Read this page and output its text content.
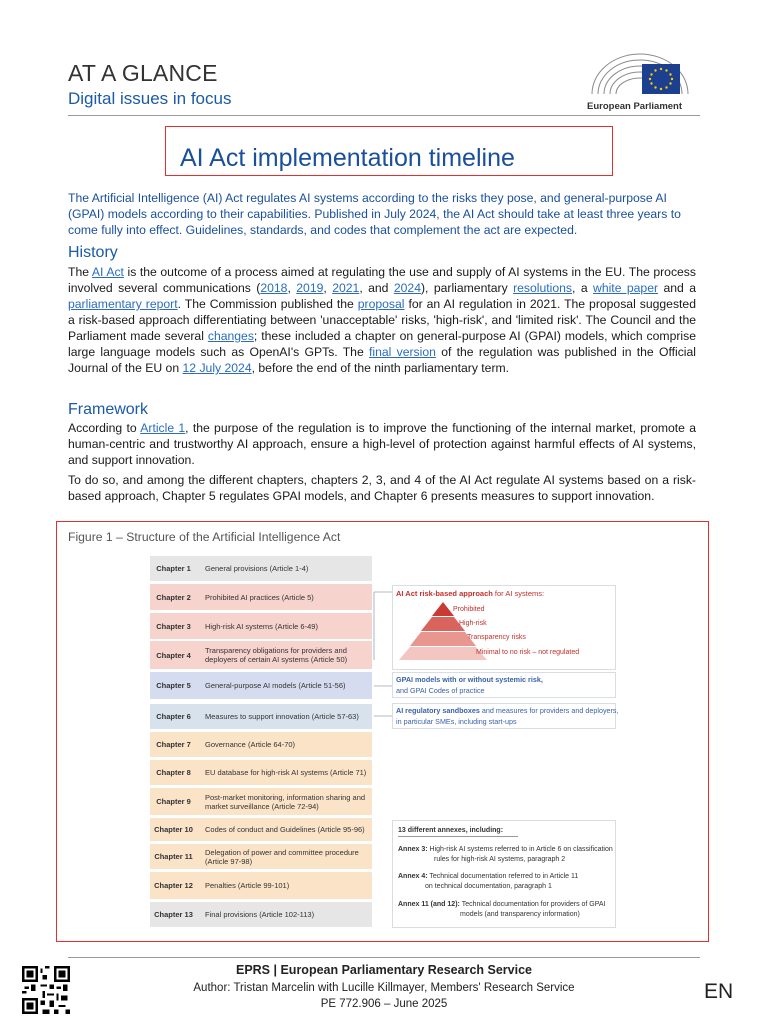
AT A GLANCE
Digital issues in focus	European Parliament
AI Act implementation timeline
The Artificial Intelligence (AI) Act regulates AI systems according to the risks they pose, and general-purpose AI (GPAI) models according to their capabilities. Published in July 2024, the AI Act should take at least three years to come fully into effect. Guidelines, standards, and codes that complement the act are expected.
History
The AI Act is the outcome of a process aimed at regulating the use and supply of AI systems in the EU. The process involved several communications (2018, 2019, 2021, and 2024), parliamentary resolutions, a white paper and a parliamentary report. The Commission published the proposal for an AI regulation in 2021. The proposal suggested a risk-based approach differentiating between 'unacceptable' risks, 'high-risk', and 'limited risk'. The Council and the Parliament made several changes; these included a chapter on general-purpose AI (GPAI) models, which comprise large language models such as OpenAI's GPTs. The final version of the regulation was published in the Official Journal of the EU on 12 July 2024, before the end of the ninth parliamentary term.
Framework
According to Article 1, the purpose of the regulation is to improve the functioning of the internal market, promote a human-centric and trustworthy AI approach, ensure a high-level of protection against harmful effects of AI systems, and support innovation.
To do so, and among the different chapters, chapters 2, 3, and 4 of the AI Act regulate AI systems based on a risk-based approach, Chapter 5 regulates GPAI models, and Chapter 6 presents measures to support innovation.
Figure 1 – Structure of the Artificial Intelligence Act
Chapter 1	General provisions (Article 1-4)
Chapter 2	Prohibited AI practices (Article 5)
Chapter 3	High-risk AI systems (Article 6-49)
Chapter 4	Transparency obligations for providers and deployers of certain AI systems (Article 50)
Chapter 5	General-purpose AI models (Article 51-56)
Chapter 6	Measures to support innovation (Article 57-63)
Chapter 7	Governance (Article 64-70)
Chapter 8	EU database for high-risk AI systems (Article 71)
Chapter 9	Post-market monitoring, information sharing and market surveillance (Article 72-94)
Chapter 10	Codes of conduct and Guidelines (Article 95-96)
Chapter 11	Delegation of power and committee procedure (Article 97-98)
Chapter 12	Penalties (Article 99-101)
Chapter 13	Final provisions (Article 102-113)
AI Act risk-based approach for AI systems:
Prohibited
High-risk
Transparency risks
Minimal to no risk – not regulated
GPAI models with or without systemic risk,
and GPAI Codes of practice
AI regulatory sandboxes and measures for providers and deployers,
in particular SMEs, including start-ups
13 different annexes, including:
Annex 3: High-risk AI systems referred to in Article 6 on classification
rules for high-risk AI systems, paragraph 2
Annex 4: Technical documentation referred to in Article 11
on technical documentation, paragraph 1
Annex 11 (and 12): Technical documentation for providers of GPAI
models (and transparency information)
EPRS | European Parliamentary Research Service
Author: Tristan Marcelin with Lucille Killmayer, Members' Research Service
PE 772.906 – June 2025
EN
